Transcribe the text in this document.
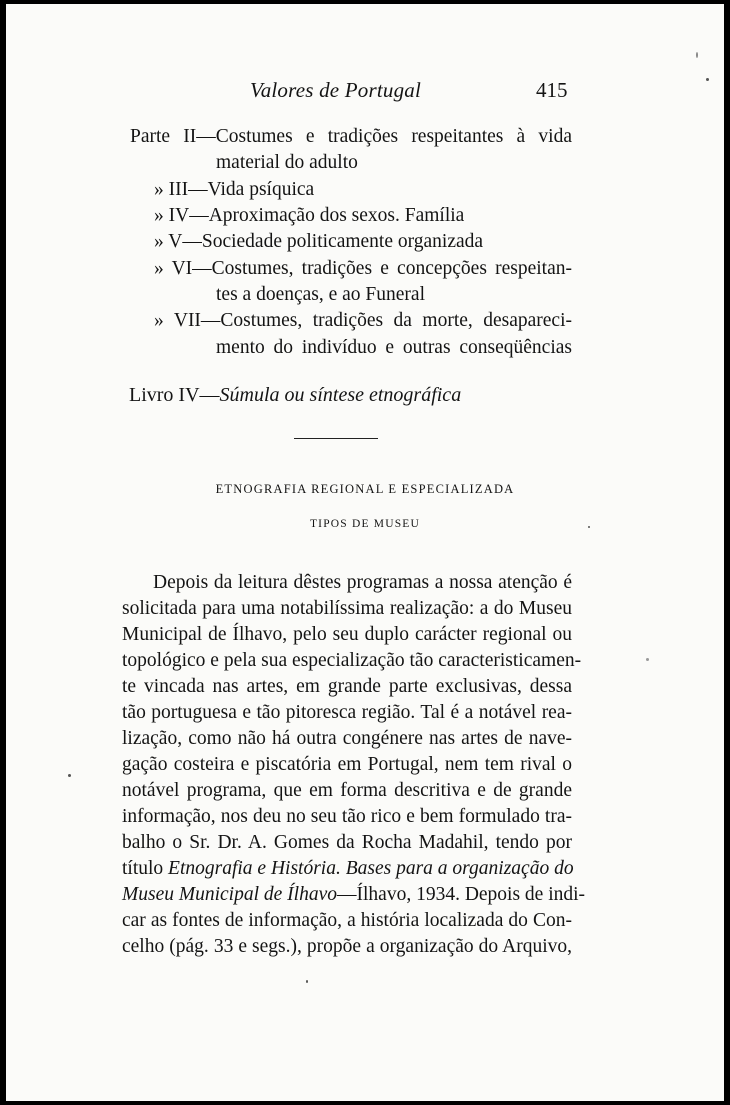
Valores de Portugal	415
Parte II—Costumes e tradições respeitantes à vida
material do adulto
» III—Vida psíquica
» IV—Aproximação dos sexos. Família
» V—Sociedade politicamente organizada
» VI—Costumes, tradições e concepções respeitan-
tes a doenças, e ao Funeral
» VII—Costumes, tradições da morte, desapareci-
mento do indivíduo e outras conseqüências
Livro IV—Súmula ou síntese etnográfica
ETNOGRAFIA REGIONAL E ESPECIALIZADA
TIPOS DE MUSEU
Depois da leitura dêstes programas a nossa atenção é
solicitada para uma notabilíssima realização: a do Museu
Municipal de Ílhavo, pelo seu duplo carácter regional ou
topológico e pela sua especialização tão caracteristicamen-
te vincada nas artes, em grande parte exclusivas, dessa
tão portuguesa e tão pitoresca região. Tal é a notável rea-
lização, como não há outra congénere nas artes de nave-
gação costeira e piscatória em Portugal, nem tem rival o
notável programa, que em forma descritiva e de grande
informação, nos deu no seu tão rico e bem formulado tra-
balho o Sr. Dr. A. Gomes da Rocha Madahil, tendo por
título Etnografia e História. Bases para a organização do
Museu Municipal de Ílhavo—Ílhavo, 1934. Depois de indi-
car as fontes de informação, a história localizada do Con-
celho (pág. 33 e segs.), propõe a organização do Arquivo,
